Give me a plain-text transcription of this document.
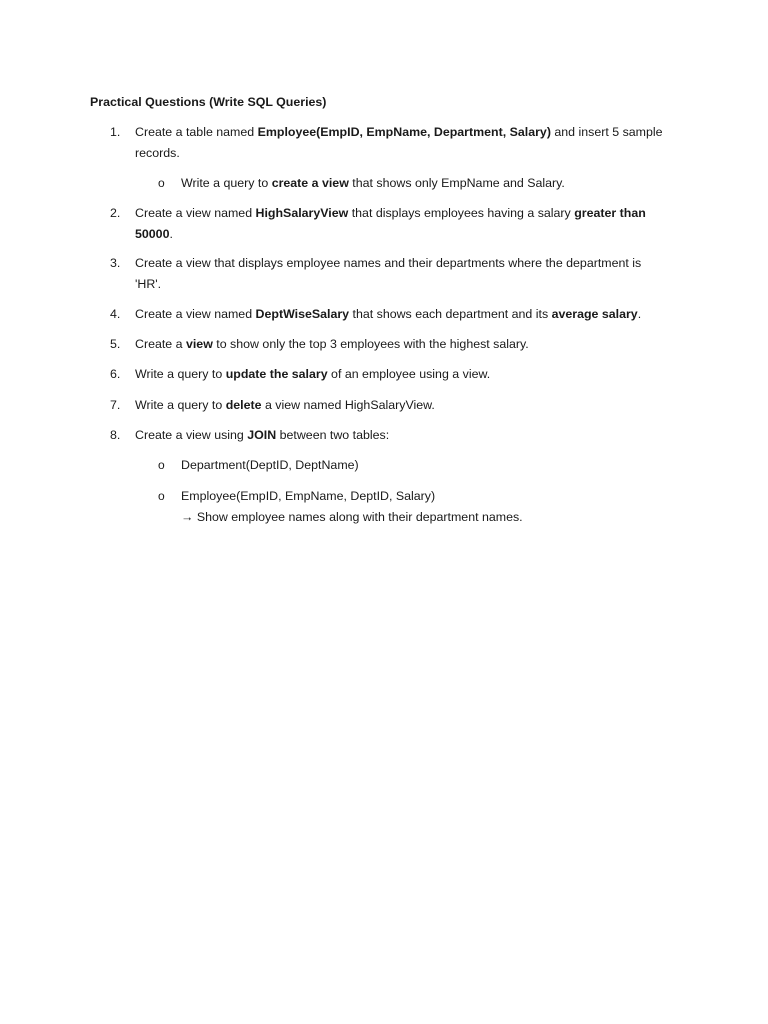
Practical Questions (Write SQL Queries)
1.	Create a table named Employee(EmpID, EmpName, Department, Salary) and insert 5 sample records.
o	Write a query to create a view that shows only EmpName and Salary.
2.	Create a view named HighSalaryView that displays employees having a salary greater than 50000.
3.	Create a view that displays employee names and their departments where the department is 'HR'.
4.	Create a view named DeptWiseSalary that shows each department and its average salary.
5.	Create a view to show only the top 3 employees with the highest salary.
6.	Write a query to update the salary of an employee using a view.
7.	Write a query to delete a view named HighSalaryView.
8.	Create a view using JOIN between two tables:
o	Department(DeptID, DeptName)
o	Employee(EmpID, EmpName, DeptID, Salary)
→ Show employee names along with their department names.
